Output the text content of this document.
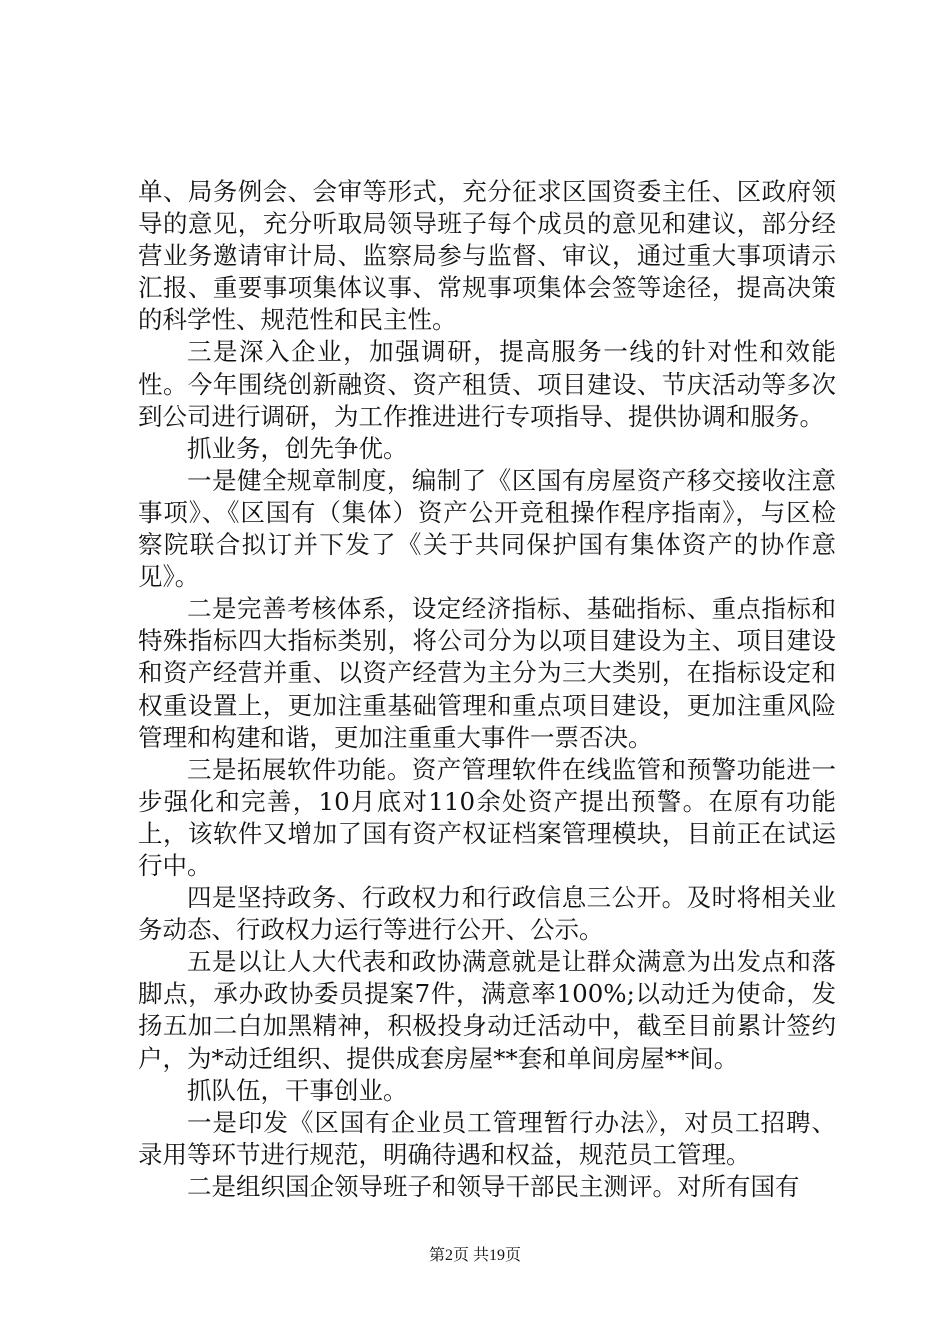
单、局务例会、会审等形式，充分征求区国资委主任、区政府领导的意见，充分听取局领导班子每个成员的意见和建议，部分经营业务邀请审计局、监察局参与监督、审议，通过重大事项请示汇报、重要事项集体议事、常规事项集体会签等途径，提高决策的科学性、规范性和民主性。

三是深入企业，加强调研，提高服务一线的针对性和效能性。今年围绕创新融资、资产租赁、项目建设、节庆活动等多次到公司进行调研，为工作推进进行专项指导、提供协调和服务。

抓业务，创先争优。

一是健全规章制度，编制了《区国有房屋资产移交接收注意事项》、《区国有（集体）资产公开竞租操作程序指南》，与区检察院联合拟订并下发了《关于共同保护国有集体资产的协作意见》。

二是完善考核体系，设定经济指标、基础指标、重点指标和特殊指标四大指标类别，将公司分为以项目建设为主、项目建设和资产经营并重、以资产经营为主分为三大类别，在指标设定和权重设置上，更加注重基础管理和重点项目建设，更加注重风险管理和构建和谐，更加注重重大事件一票否决。

三是拓展软件功能。资产管理软件在线监管和预警功能进一步强化和完善，10月底对110余处资产提出预警。在原有功能上，该软件又增加了国有资产权证档案管理模块，目前正在试运行中。

四是坚持政务、行政权力和行政信息三公开。及时将相关业务动态、行政权力运行等进行公开、公示。

五是以让人大代表和政协满意就是让群众满意为出发点和落脚点，承办政协委员提案7件，满意率100%;以动迁为使命，发扬五加二白加黑精神，积极投身动迁活动中，截至目前累计签约户，为*动迁组织、提供成套房屋**套和单间房屋**间。

抓队伍，干事创业。

一是印发《区国有企业员工管理暂行办法》，对员工招聘、录用等环节进行规范，明确待遇和权益，规范员工管理。

二是组织国企领导班子和领导干部民主测评。对所有国有

第2页 共19页
